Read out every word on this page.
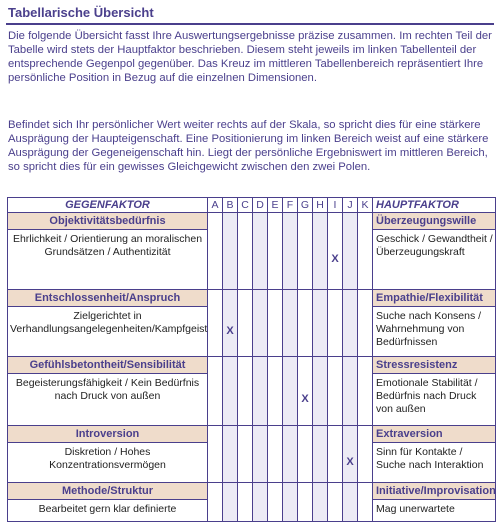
Tabellarische Übersicht
Die folgende Übersicht fasst Ihre Auswertungsergebnisse präzise zusammen. Im rechten Teil der Tabelle wird stets der Hauptfaktor beschrieben. Diesem steht jeweils im linken Tabellenteil der entsprechende Gegenpol gegenüber. Das Kreuz im mittleren Tabellenbereich repräsentiert Ihre persönliche Position in Bezug auf die einzelnen Dimensionen.
Befindet sich Ihr persönlicher Wert weiter rechts auf der Skala, so spricht dies für eine stärkere Ausprägung der Haupteigenschaft. Eine Positionierung im linken Bereich weist auf eine stärkere Ausprägung der Gegeneigenschaft hin. Liegt der persönliche Ergebniswert im mittleren Bereich, so spricht dies für ein gewisses Gleichgewicht zwischen den zwei Polen.
GEGENFAKTOR	A	B	C	D	E	F	G	H	I	J	K	HAUPTFAKTOR
Objektivitätsbedürfnis												Überzeugungswille
Ehrlichkeit / Orientierung an moralischen Grundsätzen / Authentizität									X			Geschick / Gewandtheit / Überzeugungskraft
Entschlossenheit/Anspruch												Empathie/Flexibilität
Zielgerichtet in Verhandlungsangelegenheiten/Kampfgeist		X										Suche nach Konsens / Wahrnehmung von Bedürfnissen
Gefühlsbetontheit/Sensibilität												Stressresistenz
Begeisterungsfähigkeit / Kein Bedürfnis nach Druck von außen							X					Emotionale Stabilität / Bedürfnis nach Druck von außen
Introversion												Extraversion
Diskretion / Hohes Konzentrationsvermögen										X		Sinn für Kontakte / Suche nach Interaktion
Methode/Struktur												Initiative/Improvisation
Bearbeitet gern klar definierte												Mag unerwartete
